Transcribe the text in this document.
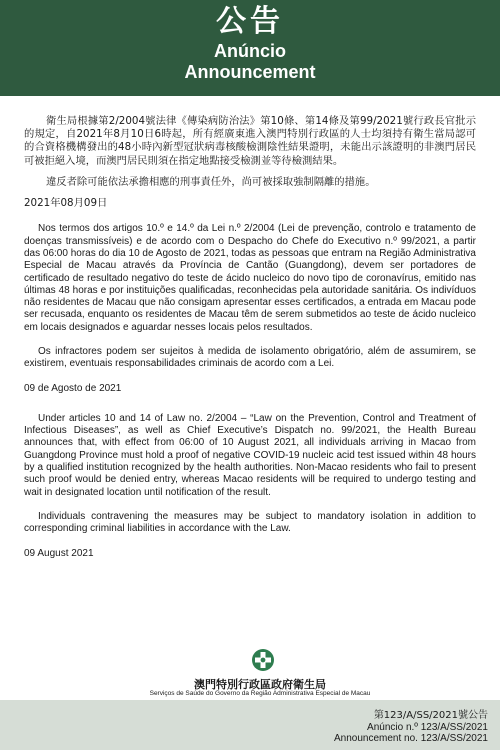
公告
Anúncio
Announcement

衛生局根據第2/2004號法律《傳染病防治法》第10條、第14條及第99/2021號行政長官批示的規定，自2021年8月10日6時起，所有經廣東進入澳門特別行政區的人士均須持有衛生當局認可的合資格機構發出的48小時內新型冠狀病毒核酸檢測陰性結果證明，未能出示該證明的非澳門居民可被拒絕入境，而澳門居民則須在指定地點接受檢測並等待檢測結果。

違反者除可能依法承擔相應的刑事責任外，尚可被採取強制隔離的措施。

2021年08月09日

Nos termos dos artigos 10.º e 14.º da Lei n.º 2/2004 (Lei de prevenção, controlo e tratamento de doenças transmissíveis) e de acordo com o Despacho do Chefe do Executivo n.º 99/2021, a partir das 06:00 horas do dia 10 de Agosto de 2021, todas as pessoas que entram na Região Administrativa Especial de Macau através da Província de Cantão (Guangdong), devem ser portadores de certificado de resultado negativo do teste de ácido nucleico do novo tipo de coronavírus, emitido nas últimas 48 horas e por instituições qualificadas, reconhecidas pela autoridade sanitária. Os indivíduos não residentes de Macau que não consigam apresentar esses certificados, a entrada em Macau pode ser recusada, enquanto os residentes de Macau têm de serem submetidos ao teste de ácido nucleico em locais designados e aguardar nesses locais pelos resultados.

Os infractores podem ser sujeitos à medida de isolamento obrigatório, além de assumirem, se existirem, eventuais responsabilidades criminais de acordo com a Lei.

09 de Agosto de 2021

Under articles 10 and 14 of Law no. 2/2004 – “Law on the Prevention, Control and Treatment of Infectious Diseases”, as well as Chief Executive’s Dispatch no. 99/2021, the Health Bureau announces that, with effect from 06:00 of 10 August 2021, all individuals arriving in Macao from Guangdong Province must hold a proof of negative COVID-19 nucleic acid test issued within 48 hours by a qualified institution recognized by the health authorities. Non-Macao residents who fail to present such proof would be denied entry, whereas Macao residents will be required to undergo testing and wait in designated location until notification of the result.

Individuals contravening the measures may be subject to mandatory isolation in addition to corresponding criminal liabilities in accordance with the Law.

09 August 2021
澳門特別行政區政府衛生局
Serviços de Saúde do Governo da Região Administrativa Especial de Macau
第123/A/SS/2021號公告
Anúncio n.º 123/A/SS/2021
Announcement no. 123/A/SS/2021
